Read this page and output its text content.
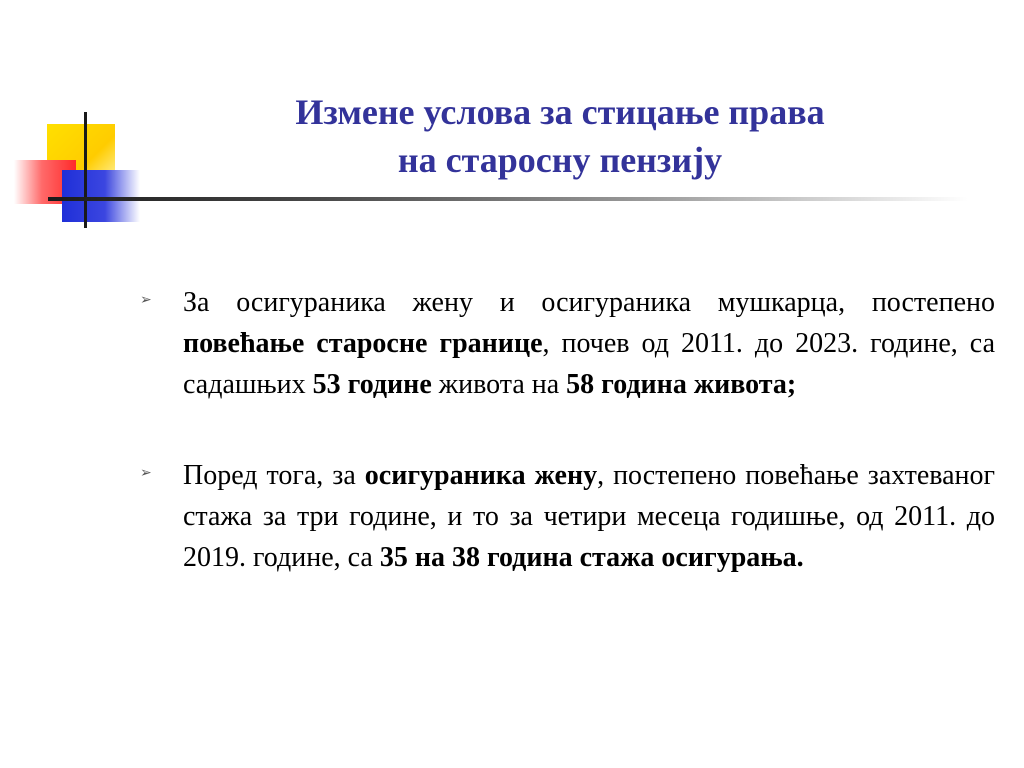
Измене услова за стицање права
на старосну пензију
➢ За осигураника жену и осигураника мушкарца, постепено повећање старосне границе, почев од 2011. до 2023. године, са садашњих 53 године живота на 58 година живота;
➢ Поред тога, за осигураника жену, постепено повећање захтеваног стажа за три године, и то за четири месеца годишње, од 2011. до 2019. године, са 35 на 38 година стажа осигурања.
